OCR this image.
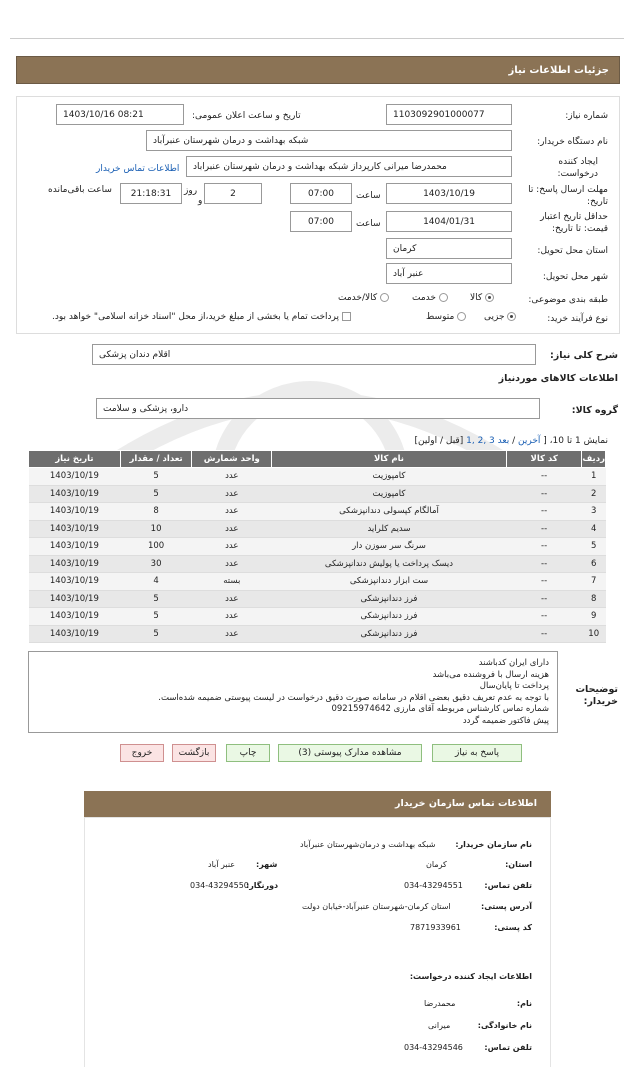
جزئیات اطلاعات نیاز
شماره نیاز:
1103092901000077
تاریخ و ساعت اعلان عمومی:
1403/10/16 08:21
نام دستگاه خریدار:
شبکه بهداشت و درمان شهرستان عنبرآباد
ایجاد کننده
درخواست:
محمدرضا میرانی کارپرداز شبکه بهداشت و درمان شهرستان عنبراباد
اطلاعات تماس خریدار
مهلت ارسال پاسخ: تا
تاریخ:
1403/10/19
ساعت
07:00
2
روز
و
21:18:31
ساعت باقی‌مانده
حداقل تاریخ اعتبار
قیمت: تا تاریخ:
1404/01/31
ساعت
07:00
استان محل تحویل:
کرمان
شهر محل تحویل:
عنبر آباد
طبقه بندی موضوعی:
کالا
خدمت
کالا/خدمت
نوع فرآیند خرید:
جزیی
متوسط
پرداخت تمام یا بخشی از مبلغ خرید،از محل "اسناد خزانه اسلامی" خواهد بود.
شرح کلی نیاز:
اقلام دندان پزشکی
اطلاعات کالاهای موردنیاز
گروه کالا:
دارو، پزشکی و سلامت
نمایش 1 تا 10، [ آخرین / بعد 3 ,2 ,1 [قبل / اولین]
ردیف	کد کالا	نام کالا	واحد شمارش	تعداد / مقدار	تاریخ نیاز
1	--	کامپوزیت	عدد	5	1403/10/19
2	--	کامپوزیت	عدد	5	1403/10/19
3	--	آمالگام کپسولی دندانپزشکی	عدد	8	1403/10/19
4	--	سدیم کلراید	عدد	10	1403/10/19
5	--	سرنگ سر سوزن دار	عدد	100	1403/10/19
6	--	دیسک پرداخت یا پولیش دندانپزشکی	عدد	30	1403/10/19
7	--	ست ابزار دندانپزشکی	بسته	4	1403/10/19
8	--	فرز دندانپزشکی	عدد	5	1403/10/19
9	--	فرز دندانپزشکی	عدد	5	1403/10/19
10	--	فرز دندانپزشکی	عدد	5	1403/10/19
توضیحات
خریدار:
دارای ایران کدباشند
هزینه ارسال با فروشنده می‌باشد
پرداخت تا پایان‌سال
با توجه به عدم تعریف دقیق بعضی اقلام در سامانه صورت دقیق درخواست در لیست پیوستی ضمیمه شده‌است.
شماره تماس کارشناس مربوطه آقای مارزی 09215974642
پیش فاکتور ضمیمه گردد
پاسخ به نیاز
مشاهده مدارک پیوستی (3)
چاپ
بازگشت
خروج
اطلاعات تماس سازمان خریدار
نام سازمان خریدار:
شبکه بهداشت و درمان‌شهرستان عنبرآباد
استان:
کرمان
شهر:
عنبر آباد
تلفن تماس:
034-43294551
دورنگار:
034-43294550
آدرس پستی:
استان کرمان-شهرستان عنبرآباد-خیابان دولت
کد پستی:
7871933961
اطلاعات ایجاد کننده درخواست:
نام:
محمدرضا
نام خانوادگی:
میرانی
تلفن تماس:
034-43294546
